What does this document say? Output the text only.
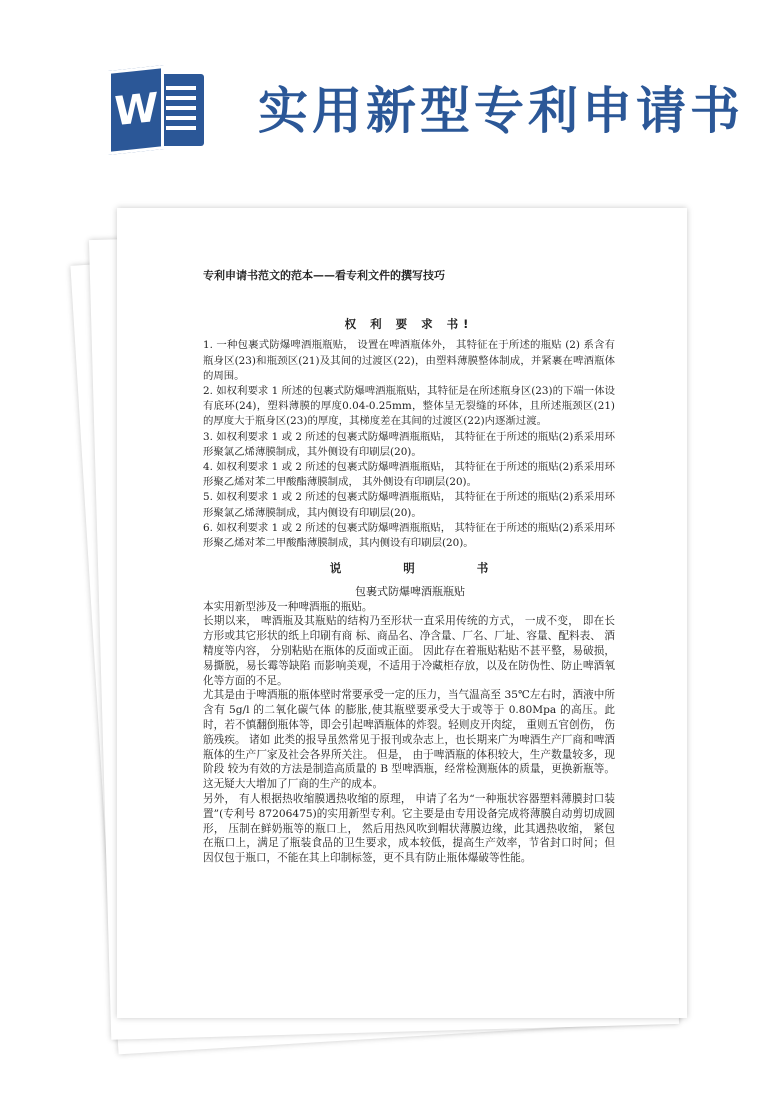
W 实用新型专利申请书
专利申请书范文的范本——看专利文件的撰写技巧
权 利 要 求 书!

1. 一种包裹式防爆啤酒瓶瓶贴， 设置在啤酒瓶体外， 其特征在于所述的瓶贴 (2) 系含有瓶身区(23)和瓶颈区(21)及其间的过渡区(22)，由塑料薄膜整体制成，并紧裹在啤酒瓶体的周围。

2. 如权利要求 1 所述的包裹式防爆啤酒瓶瓶贴，其特征是在所述瓶身区(23)的下端一体设有底环(24)，塑料薄膜的厚度0.04-0.25mm，整体呈无裂缝的环体，且所述瓶颈区(21)的厚度大于瓶身区(23)的厚度，其梯度差在其间的过渡区(22)内逐渐过渡。

3. 如权利要求 1 或 2 所述的包裹式防爆啤酒瓶瓶贴， 其特征在于所述的瓶贴(2)系采用环形聚氯乙烯薄膜制成，其外侧设有印刷层(20)。

4. 如权利要求 1 或 2 所述的包裹式防爆啤酒瓶瓶贴， 其特征在于所述的瓶贴(2)系采用环形聚乙烯对苯二甲酸酯薄膜制成， 其外侧设有印刷层(20)。

5. 如权利要求 1 或 2 所述的包裹式防爆啤酒瓶瓶贴， 其特征在于所述的瓶贴(2)系采用环形聚氯乙烯薄膜制成，其内侧设有印刷层(20)。

6. 如权利要求 1 或 2 所述的包裹式防爆啤酒瓶瓶贴， 其特征在于所述的瓶贴(2)系采用环形聚乙烯对苯二甲酸酯薄膜制成，其内侧设有印刷层(20)。

说 明 书
包裹式防爆啤酒瓶瓶贴

本实用新型涉及一种啤酒瓶的瓶贴。

长期以来， 啤酒瓶及其瓶贴的结构乃至形状一直采用传统的方式， 一成不变， 即在长方形或其它形状的纸上印刷有商 标、商品名、净含量、厂名、厂址、容量、配料表、 酒精度等内容， 分别粘贴在瓶体的反面或正面。 因此存在着瓶贴粘贴不甚平整，易破损，易撕脱，易长霉等缺陷 而影响美观，不适用于冷藏柜存放，以及在防伪性、防止啤酒氧化等方面的不足。

尤其是由于啤酒瓶的瓶体壁时常要承受一定的压力，当气温高至 35℃左右时，酒液中所含有 5g/l 的二氧化碳气体 的膨胀,使其瓶壁要承受大于或等于 0.80Mpa 的高压。此时，若不慎翻倒瓶体等，即会引起啤酒瓶体的炸裂。轻则皮开肉绽， 重则五官创伤， 伤筋残疾。 诸如 此类的报导虽然常见于报刊或杂志上，也长期来广为啤酒生产厂商和啤酒瓶体的生产厂家及社会各界所关注。 但是， 由于啤酒瓶的体积较大，生产数量较多，现阶段 较为有效的方法是制造高质量的 B 型啤酒瓶，经常检测瓶体的质量，更换新瓶等。这无疑大大增加了厂商的生产的成本。

另外， 有人根据热收缩膜遇热收缩的原理， 申请了名为“一种瓶状容器塑料薄膜封口装置”(专利号 87206475)的实用新型专利。它主要是由专用设备完成将薄膜自动剪切成圆形， 压制在鲜奶瓶等的瓶口上， 然后用热风吹到帽状薄膜边缘，此其遇热收缩， 紧包在瓶口上，满足了瓶装食品的卫生要求，成本较低，提高生产效率，节省封口时间；但因仅包于瓶口，不能在其上印制标签，更不具有防止瓶体爆破等性能。
